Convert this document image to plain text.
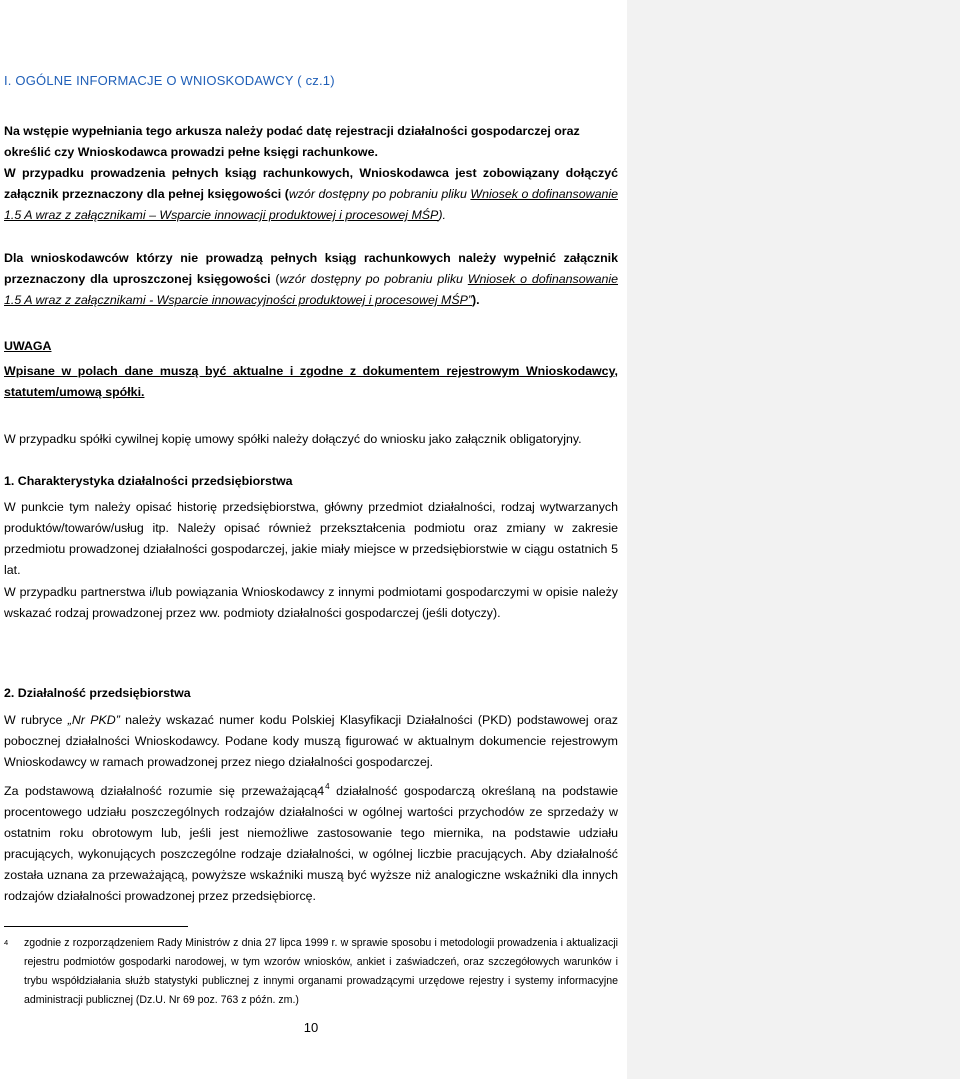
I. OGÓLNE INFORMACJE O WNIOSKODAWCY ( cz.1)
Na wstępie wypełniania tego arkusza należy podać datę rejestracji działalności gospodarczej oraz określić czy Wnioskodawca prowadzi pełne księgi rachunkowe.
W przypadku prowadzenia pełnych ksiąg rachunkowych, Wnioskodawca jest zobowiązany dołączyć załącznik przeznaczony dla pełnej księgowości (wzór dostępny po pobraniu pliku Wniosek o dofinansowanie 1.5 A wraz z załącznikami – Wsparcie innowacji produktowej i procesowej MŚP).
Dla wnioskodawców którzy nie prowadzą pełnych ksiąg rachunkowych należy wypełnić załącznik przeznaczony dla uproszczonej księgowości (wzór dostępny po pobraniu pliku Wniosek o dofinansowanie 1.5 A wraz z załącznikami - Wsparcie innowacyjności produktowej i procesowej MŚP”).
UWAGA
Wpisane w polach dane muszą być aktualne i zgodne z dokumentem rejestrowym Wnioskodawcy, statutem/umową spółki.
W przypadku spółki cywilnej kopię umowy spółki należy dołączyć do wniosku jako załącznik obligatoryjny.
1. Charakterystyka działalności przedsiębiorstwa
W punkcie tym należy opisać historię przedsiębiorstwa, główny przedmiot działalności, rodzaj wytwarzanych produktów/towarów/usług itp. Należy opisać również przekształcenia podmiotu oraz zmiany w zakresie przedmiotu prowadzonej działalności gospodarczej, jakie miały miejsce w przedsiębiorstwie w ciągu ostatnich 5 lat.
W przypadku partnerstwa i/lub powiązania Wnioskodawcy z innymi podmiotami gospodarczymi w opisie należy wskazać rodzaj prowadzonej przez ww. podmioty działalności gospodarczej (jeśli dotyczy).
2. Działalność przedsiębiorstwa
W rubryce „Nr PKD” należy wskazać numer kodu Polskiej Klasyfikacji Działalności (PKD) podstawowej oraz pobocznej działalności Wnioskodawcy. Podane kody muszą figurować w aktualnym dokumencie rejestrowym Wnioskodawcy w ramach prowadzonej przez niego działalności gospodarczej.
Za podstawową działalność rozumie się przeważającą4$^4$ działalność gospodarczą określaną na podstawie procentowego udziału poszczególnych rodzajów działalności w ogólnej wartości przychodów ze sprzedaży w ostatnim roku obrotowym lub, jeśli jest niemożliwe zastosowanie tego miernika, na podstawie udziału pracujących, wykonujących poszczególne rodzaje działalności, w ogólnej liczbie pracujących. Aby działalność została uznana za przeważającą, powyższe wskaźniki muszą być wyższe niż analogiczne wskaźniki dla innych rodzajów działalności prowadzonej przez przedsiębiorcę.
4 zgodnie z rozporządzeniem Rady Ministrów z dnia 27 lipca 1999 r. w sprawie sposobu i metodologii prowadzenia i aktualizacji rejestru podmiotów gospodarki narodowej, w tym wzorów wniosków, ankiet i zaświadczeń, oraz szczegółowych warunków i trybu współdziałania służb statystyki publicznej z innymi organami prowadzącymi urzędowe rejestry i systemy informacyjne administracji publicznej (Dz.U. Nr 69 poz. 763 z późn. zm.)
10
